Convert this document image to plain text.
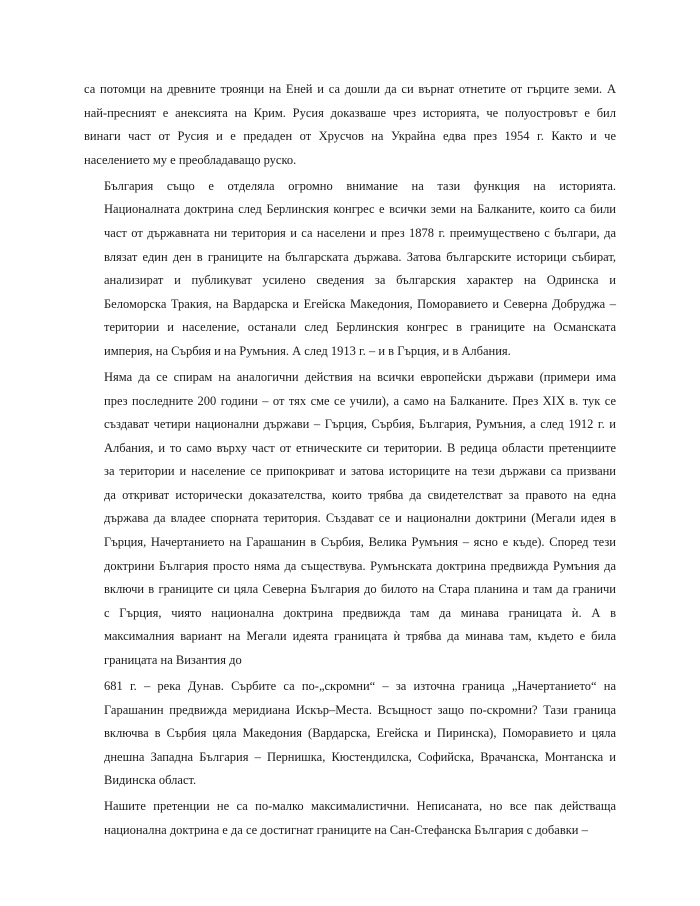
са потомци на древните троянци на Еней и са дошли да си върнат отнетите от гърците земи. А
най-пресният е анексията на Крим. Русия доказваше чрез историята, че полуостровът е бил
винаги част от Русия и е предаден от Хрусчов на Украйна едва през 1954 г. Както и че
населението му е преобладаващо руско.

България също е отделяла огромно внимание на тази функция на историята.
Националната доктрина след Берлинския конгрес е всички земи на Балканите, които са били
част от държавната ни територия и са населени и през 1878 г. преимуществено с българи, да
влязат един ден в границите на българската държава. Затова българските историци събират,
анализират и публикуват усилено сведения за българския характер на Одринска и
Беломорска Тракия, на Вардарска и Егейска Македония, Поморавието и Северна Добруджа –
територии и население, останали след Берлинския конгрес в границите на Османската
империя, на Сърбия и на Румъния. А след 1913 г. – и в Гърция, и в Албания.

Няма да се спирам на аналогични действия на всички европейски държави (примери има
през последните 200 години – от тях сме се учили), а само на Балканите. През XIX в. тук се
създават четири национални държави – Гърция, Сърбия, България, Румъния, а след 1912 г. и
Албания, и то само върху част от етническите си територии. В редица области претенциите
за територии и население се припокриват и затова историците на тези държави са призвани
да откриват исторически доказателства, които трябва да свидетелстват за правото на една
държава да владее спорната територия. Създават се и национални доктрини (Мегали идея в
Гърция, Начертанието на Гарашанин в Сърбия, Велика Румъния – ясно е къде). Според тези
доктрини България просто няма да съществува. Румънската доктрина предвижда Румъния да
включи в границите си цяла Северна България до билото на Стара планина и там да граничи
с Гърция, чиято национална доктрина предвижда там да минава границата ѝ. А в
максималния вариант на Мегали идеята границата ѝ трябва да минава там, където е била
границата на Византия до

681 г. – река Дунав. Сърбите са по-„скромни“ – за източна граница „Начертанието“ на
Гарашанин предвижда меридиана Искър–Места. Всъщност защо по-скромни? Тази граница
включва в Сърбия цяла Македония (Вардарска, Егейска и Пиринска), Поморавието и цяла
днешна Западна България – Пернишка, Кюстендилска, Софийска, Врачанска, Монтанска и
Видинска област.

Нашите претенции не са по-малко максималистични. Неписаната, но все пак действаща
национална доктрина е да се достигнат границите на Сан-Стефанска България с добавки –
